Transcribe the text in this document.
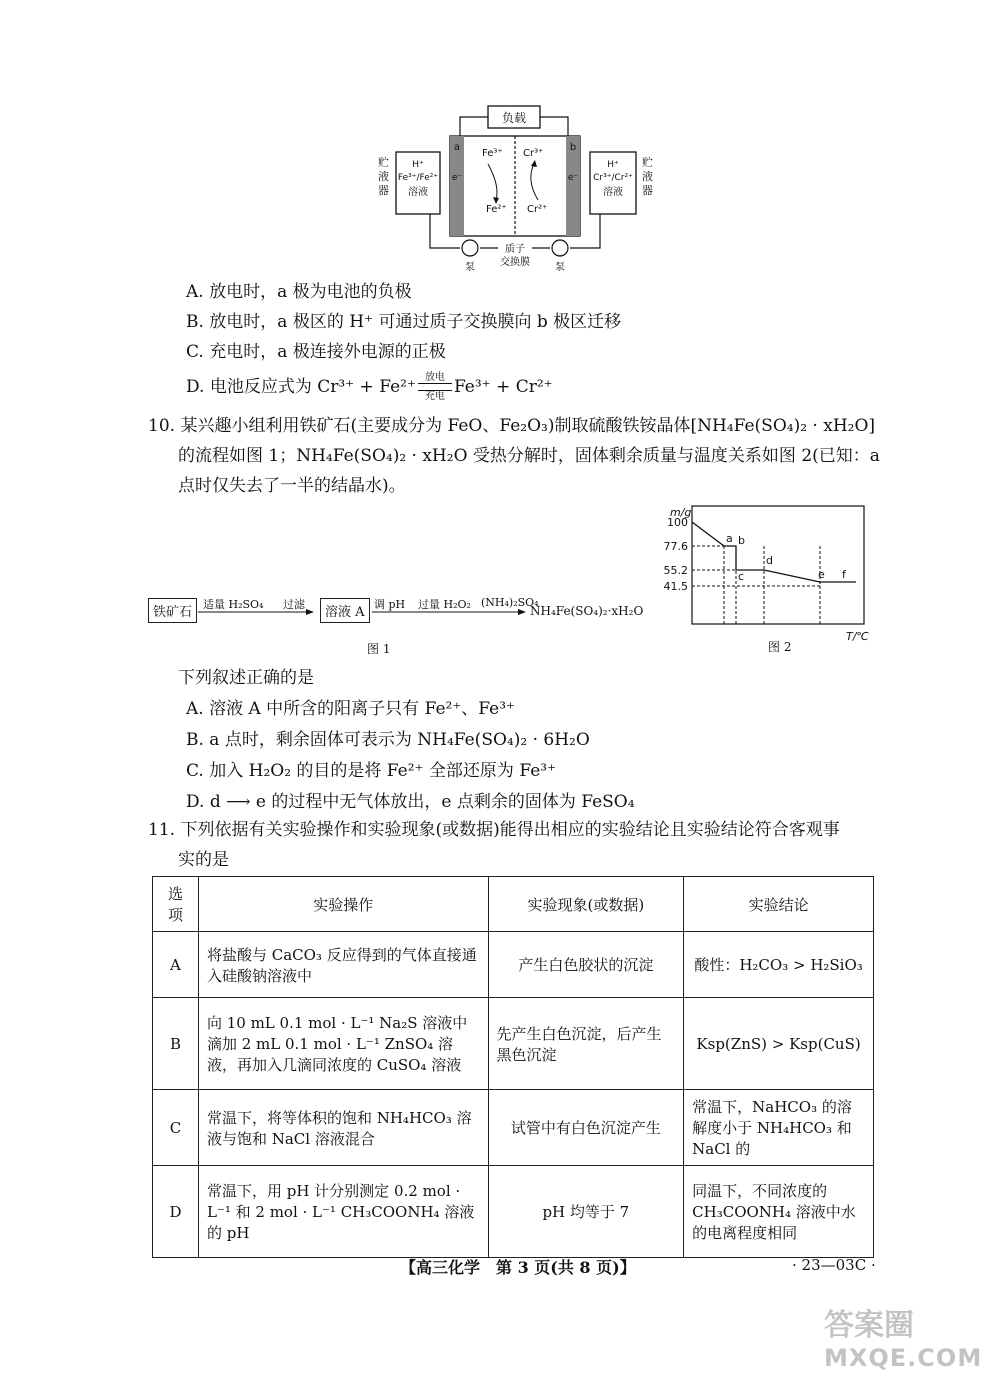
负载
a	b
e⁻	e⁻
Fe³⁺
Fe²⁺
Cr³⁺
Cr²⁺
H⁺
Fe³⁺/Fe²⁺
溶液
H⁺
Cr³⁺/Cr²⁺
溶液
贮
液
器
贮
液
器
泵	泵
质子
交换膜
A. 放电时，a 极为电池的负极
B. 放电时，a 极区的 H⁺ 可通过质子交换膜向 b 极区迁移
C. 充电时，a 极连接外电源的正极
D. 电池反应式为 Cr³⁺ + Fe²⁺ 放电
充电 Fe³⁺ + Cr²⁺
10. 某兴趣小组利用铁矿石(主要成分为 FeO、Fe₂O₃)制取硫酸铁铵晶体[NH₄Fe(SO₄)₂ · xH₂O]
的流程如图 1；NH₄Fe(SO₄)₂ · xH₂O 受热分解时，固体剩余质量与温度关系如图 2(已知：a
点时仅失去了一半的结晶水)。
铁矿石
适量 H₂SO₄ 过滤
溶液 A
调 pH 过量 H₂O₂ (NH₄)₂SO₄
NH₄Fe(SO₄)₂·xH₂O
图 1
100
77.6
55.2
41.5
m/g
T/℃
a b
c
d
e f
图 2
下列叙述正确的是
A. 溶液 A 中所含的阳离子只有 Fe²⁺、Fe³⁺
B. a 点时，剩余固体可表示为 NH₄Fe(SO₄)₂ · 6H₂O
C. 加入 H₂O₂ 的目的是将 Fe²⁺ 全部还原为 Fe³⁺
D. d ⟶ e 的过程中无气体放出，e 点剩余的固体为 FeSO₄
11. 下列依据有关实验操作和实验现象(或数据)能得出相应的实验结论且实验结论符合客观事
实的是
选项	实验操作	实验现象(或数据)	实验结论
A	将盐酸与 CaCO₃ 反应得到的气体直接通入硅酸钠溶液中	产生白色胶状的沉淀	酸性：H₂CO₃ > H₂SiO₃
B	向 10 mL 0.1 mol · L⁻¹ Na₂S 溶液中滴加 2 mL 0.1 mol · L⁻¹ ZnSO₄ 溶液，再加入几滴同浓度的 CuSO₄ 溶液	先产生白色沉淀，后产生黑色沉淀	Ksp(ZnS) > Ksp(CuS)
C	常温下，将等体积的饱和 NH₄HCO₃ 溶液与饱和 NaCl 溶液混合	试管中有白色沉淀产生	常温下，NaHCO₃ 的溶解度小于 NH₄HCO₃ 和 NaCl 的
D	常温下，用 pH 计分别测定 0.2 mol · L⁻¹ 和 2 mol · L⁻¹ CH₃COONH₄ 溶液的 pH	pH 均等于 7	同温下，不同浓度的 CH₃COONH₄ 溶液中水的电离程度相同
【高三化学　第 3 页(共 8 页)】	· 23—03C ·
答案圈
MXQE.COM
